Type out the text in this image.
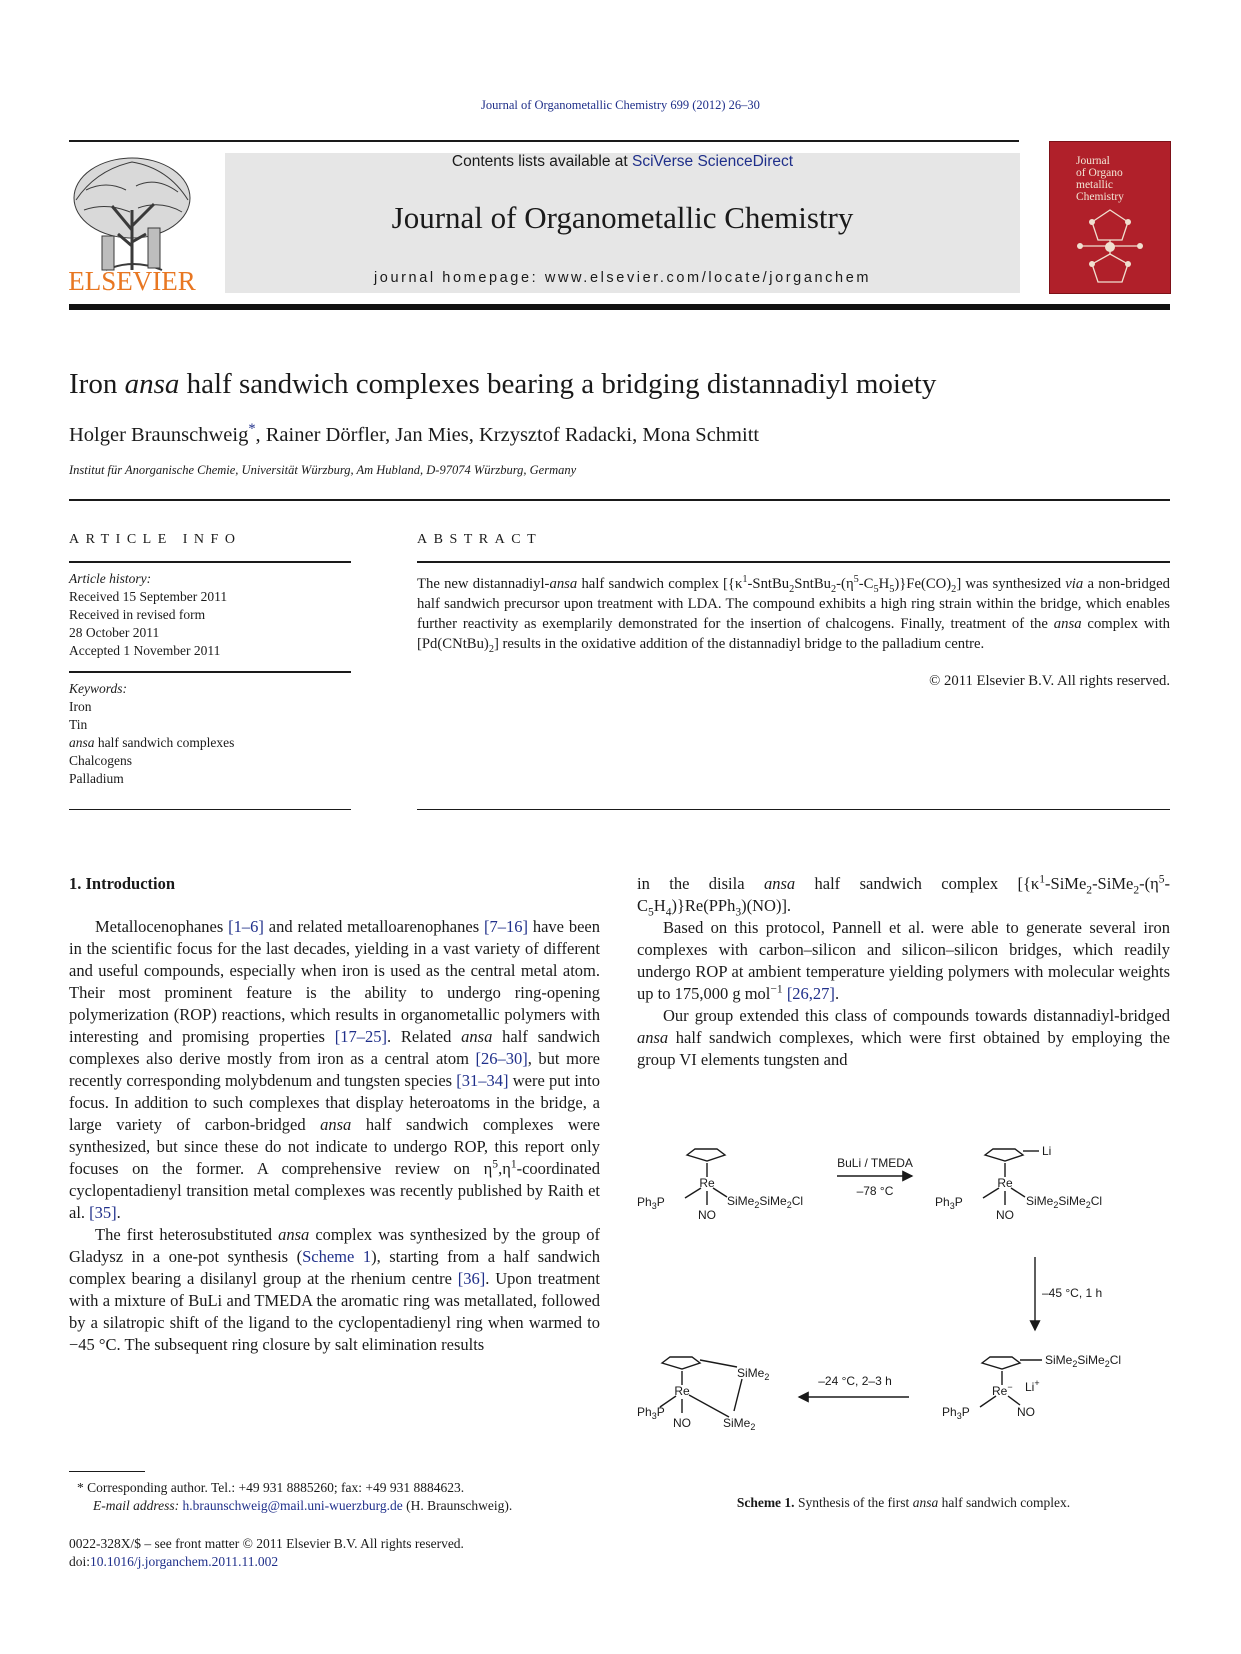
Journal of Organometallic Chemistry 699 (2012) 26–30
ELSEVIER
Contents lists available at SciVerse ScienceDirect
Journal of Organometallic Chemistry
journal homepage: www.elsevier.com/locate/jorganchem
Journal
of Organo
metallic
Chemistry
Iron ansa half sandwich complexes bearing a bridging distannadiyl moiety
Holger Braunschweig*, Rainer Dörfler, Jan Mies, Krzysztof Radacki, Mona Schmitt
Institut für Anorganische Chemie, Universität Würzburg, Am Hubland, D-97074 Würzburg, Germany
ARTICLE INFO
Article history:
Received 15 September 2011
Received in revised form
28 October 2011
Accepted 1 November 2011
Keywords:
Iron
Tin
ansa half sandwich complexes
Chalcogens
Palladium
ABSTRACT

The new distannadiyl-ansa half sandwich complex $[\{\kappa^1-SntBu_2SntBu_2-(\eta^5-C_5H_5)\}Fe(CO)_2]$ was synthesized via a non-bridged half sandwich precursor upon treatment with LDA. The compound exhibits a high ring strain within the bridge, which enables further reactivity as exemplarily demonstrated for the insertion of chalcogens. Finally, treatment of the ansa complex with $[Pd(CNtBu)_2]$ results in the oxidative addition of the distannadiyl bridge to the palladium centre.

© 2011 Elsevier B.V. All rights reserved.
1. Introduction

Metallocenophanes [1–6] and related metalloarenophanes [7–16] have been in the scientific focus for the last decades, yielding in a vast variety of different and useful compounds, especially when iron is used as the central metal atom. Their most prominent feature is the ability to undergo ring-opening polymerization (ROP) reactions, which results in organometallic polymers with interesting and promising properties [17–25]. Related ansa half sandwich complexes also derive mostly from iron as a central atom [26–30], but more recently corresponding molybdenum and tungsten species [31–34] were put into focus. In addition to such complexes that display heteroatoms in the bridge, a large variety of carbon-bridged ansa half sandwich complexes were synthesized, but since these do not indicate to undergo ROP, this report only focuses on the former. A comprehensive review on $\eta^5,\eta^1$-coordinated cyclopentadienyl transition metal complexes was recently published by Raith et al. [35].

The first heterosubstituted ansa complex was synthesized by the group of Gladysz in a one-pot synthesis (Scheme 1), starting from a half sandwich complex bearing a disilanyl group at the rhenium centre [36]. Upon treatment with a mixture of BuLi and TMEDA the aromatic ring was metallated, followed by a silatropic shift of the ligand to the cyclopentadienyl ring when warmed to −45 °C. The subsequent ring closure by salt elimination results

in the disila ansa half sandwich complex $[\{\kappa^1-SiMe_2-SiMe_2-(\eta^5-C_5H_4)\}Re(PPh_3)(NO)]$.

Based on this protocol, Pannell et al. were able to generate several iron complexes with carbon–silicon and silicon–silicon bridges, which readily undergo ROP at ambient temperature yielding polymers with molecular weights up to 175,000 g mol$^{-1}$ [26,27].

Our group extended this class of compounds towards distannadiyl-bridged ansa half sandwich complexes, which were first obtained by employing the group VI elements tungsten and

Re
$Ph_3P$	SiMe$_2$SiMe$_2$Cl
NO
BuLi / TMEDA
–78 °C
Li
Re
$Ph_3P$	SiMe$_2$SiMe$_2$Cl
NO
–45 °C, 1 h
SiMe$_2$SiMe$_2$Cl
Re− Li+
$Ph_3P$	NO
–24 °C, 2–3 h
SiMe$_2$
Re
SiMe$_2$
$Ph_3P$
NO
Scheme 1. Synthesis of the first ansa half sandwich complex.
* Corresponding author. Tel.: +49 931 8885260; fax: +49 931 8884623.
E-mail address: h.braunschweig@mail.uni-wuerzburg.de (H. Braunschweig).
0022-328X/$ – see front matter © 2011 Elsevier B.V. All rights reserved.
doi:10.1016/j.jorganchem.2011.11.002
